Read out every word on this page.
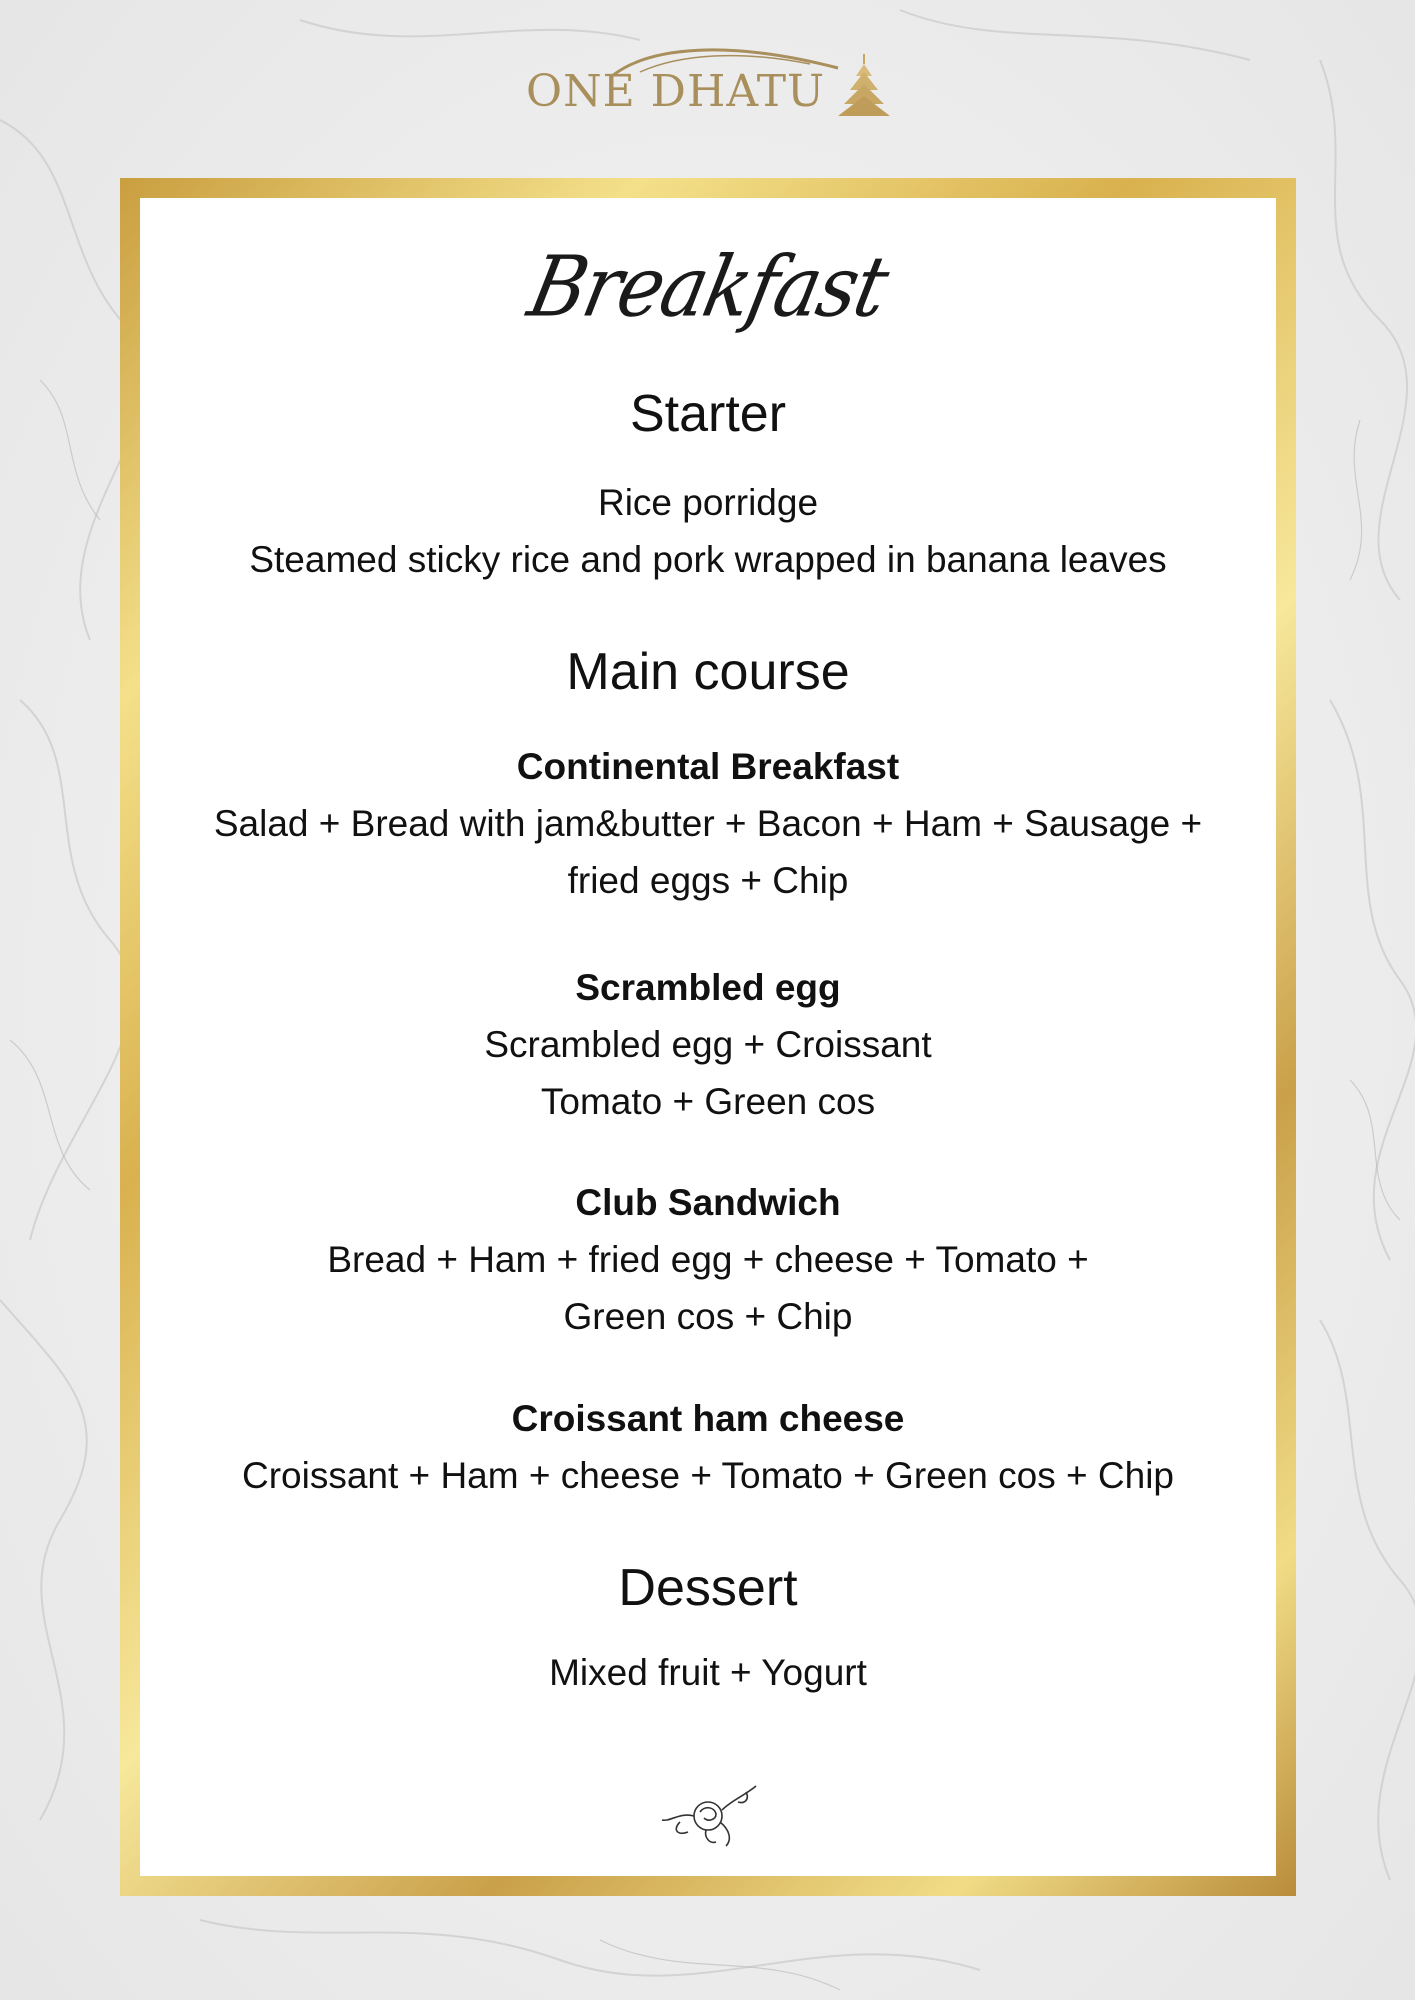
ONE DHATU
Breakfast
Starter
Rice porridge
Steamed sticky rice and pork wrapped in banana leaves
Main course
Continental Breakfast
Salad + Bread with jam&butter + Bacon + Ham + Sausage +
fried eggs + Chip
Scrambled egg
Scrambled egg + Croissant
Tomato + Green cos
Club Sandwich
Bread + Ham + fried egg + cheese + Tomato +
Green cos + Chip
Croissant ham cheese
Croissant + Ham + cheese + Tomato + Green cos + Chip
Dessert
Mixed fruit + Yogurt
